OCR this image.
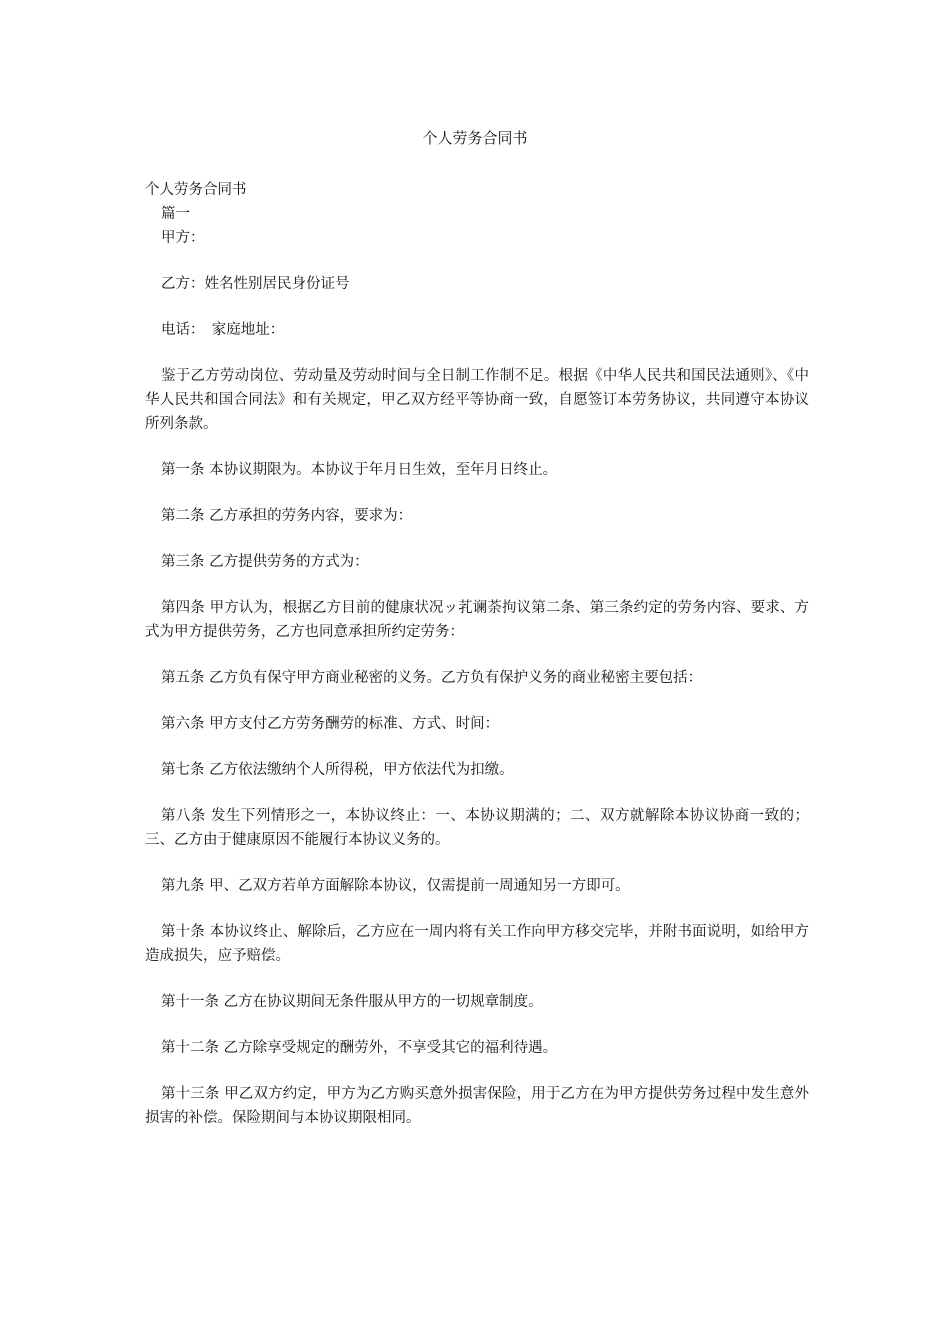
个人劳务合同书

个人劳务合同书

篇一

甲方：

乙方：姓名性别居民身份证号

电话：　家庭地址：

鉴于乙方劳动岗位、劳动量及劳动时间与全日制工作制不足。根据《中华人民共和国民法通则》、《中华人民共和国合同法》和有关规定，甲乙双方经平等协商一致，自愿签订本劳务协议，共同遵守本协议所列条款。

第一条 本协议期限为。本协议于年月日生效，至年月日终止。

第二条 乙方承担的劳务内容，要求为：

第三条 乙方提供劳务的方式为：

第四条 甲方认为，根据乙方目前的健康状况ッ芤谰荼拘议第二条、第三条约定的劳务内容、要求、方式为甲方提供劳务，乙方也同意承担所约定劳务：

第五条 乙方负有保守甲方商业秘密的义务。乙方负有保护义务的商业秘密主要包括：

第六条 甲方支付乙方劳务酬劳的标准、方式、时间：

第七条 乙方依法缴纳个人所得税，甲方依法代为扣缴。

第八条 发生下列情形之一，本协议终止：一、本协议期满的；二、双方就解除本协议协商一致的；三、乙方由于健康原因不能履行本协议义务的。

第九条 甲、乙双方若单方面解除本协议，仅需提前一周通知另一方即可。

第十条 本协议终止、解除后，乙方应在一周内将有关工作向甲方移交完毕，并附书面说明，如给甲方造成损失，应予赔偿。

第十一条 乙方在协议期间无条件服从甲方的一切规章制度。

第十二条 乙方除享受规定的酬劳外，不享受其它的福利待遇。

第十三条 甲乙双方约定，甲方为乙方购买意外损害保险，用于乙方在为甲方提供劳务过程中发生意外损害的补偿。保险期间与本协议期限相同。
